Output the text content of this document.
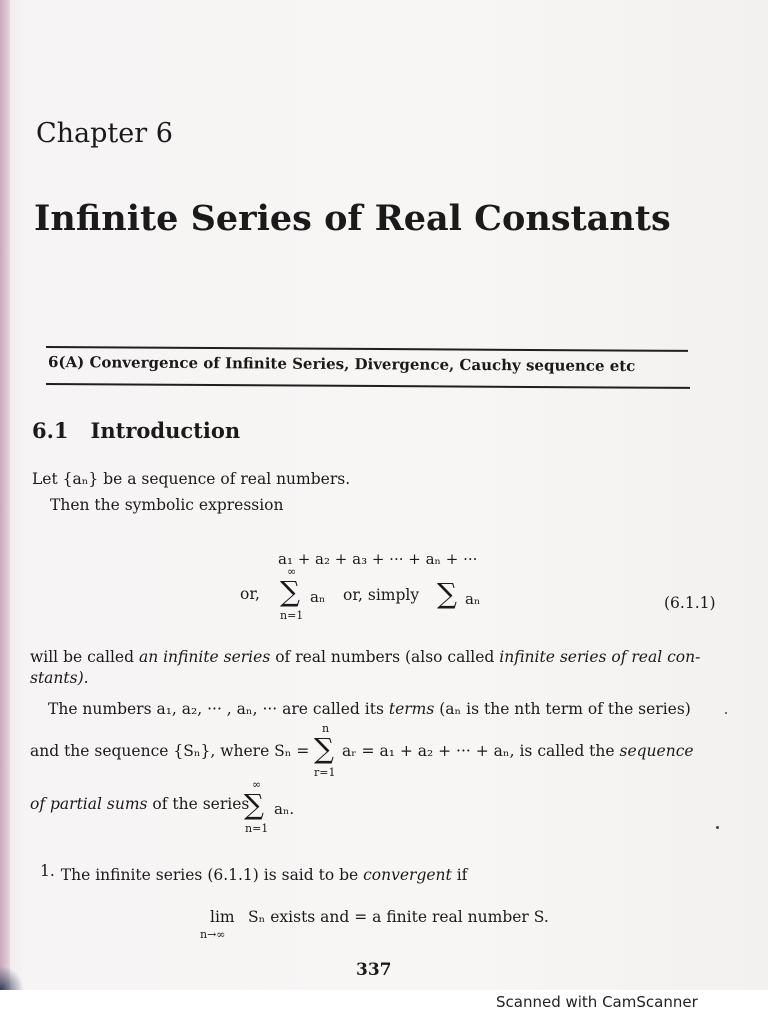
Chapter 6
Infinite Series of Real Constants
6(A) Convergence of Infinite Series, Divergence, Cauchy sequence etc
6.1 Introduction
Let {aₙ} be a sequence of real numbers.
Then the symbolic expression
a₁ + a₂ + a₃ + ··· + aₙ + ···
or,
∞
∑
n=1
aₙ or, simply ∑ aₙ	(6.1.1)
will be called an infinite series of real numbers (also called infinite series of real con-
stants).
The numbers a₁, a₂, ··· , aₙ, ··· are called its terms (aₙ is the nth term of the series)
and the sequence {Sₙ}, where Sₙ =
n
∑
r=1
aᵣ = a₁ + a₂ + ··· + aₙ, is called the sequence
of partial sums of the series
∞
∑
n=1
aₙ.
1. The infinite series (6.1.1) is said to be convergent if
lim
n→∞
Sₙ exists and = a finite real number S.
337
Scanned with CamScanner
